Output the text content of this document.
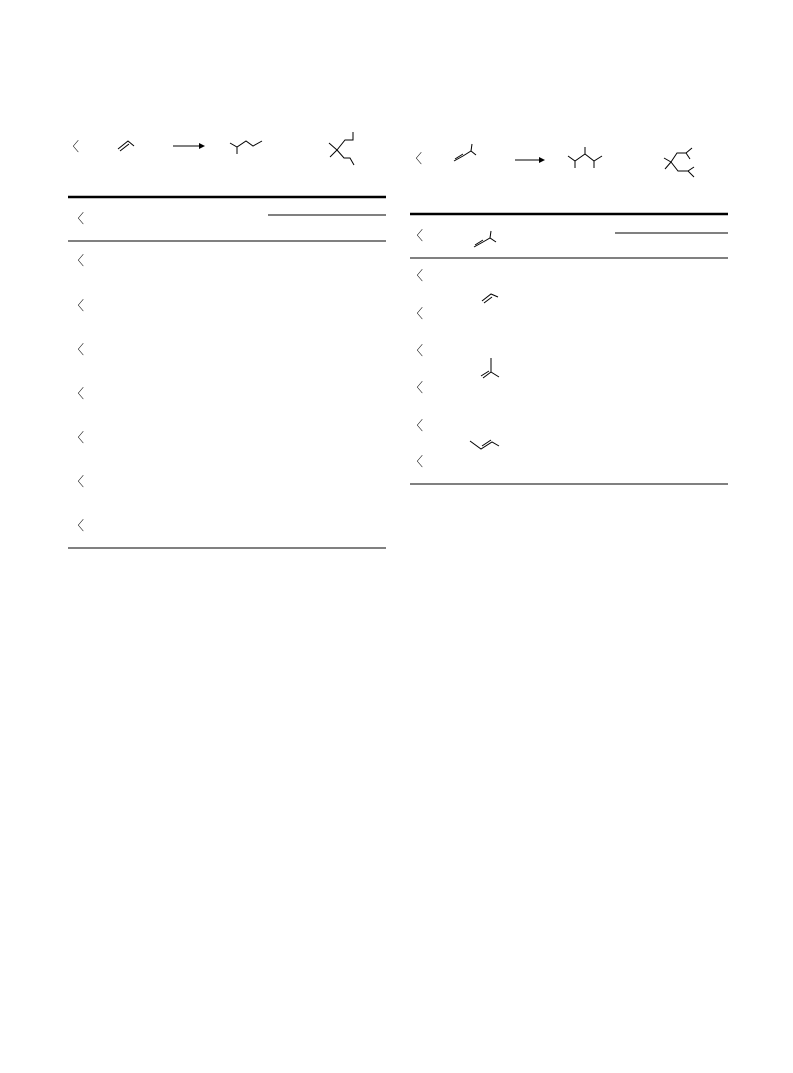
〈
〈
〈
〈
〈
〈
〈
〈
〈
〈
〈
〈
〈
〈
〈
〈
〈
